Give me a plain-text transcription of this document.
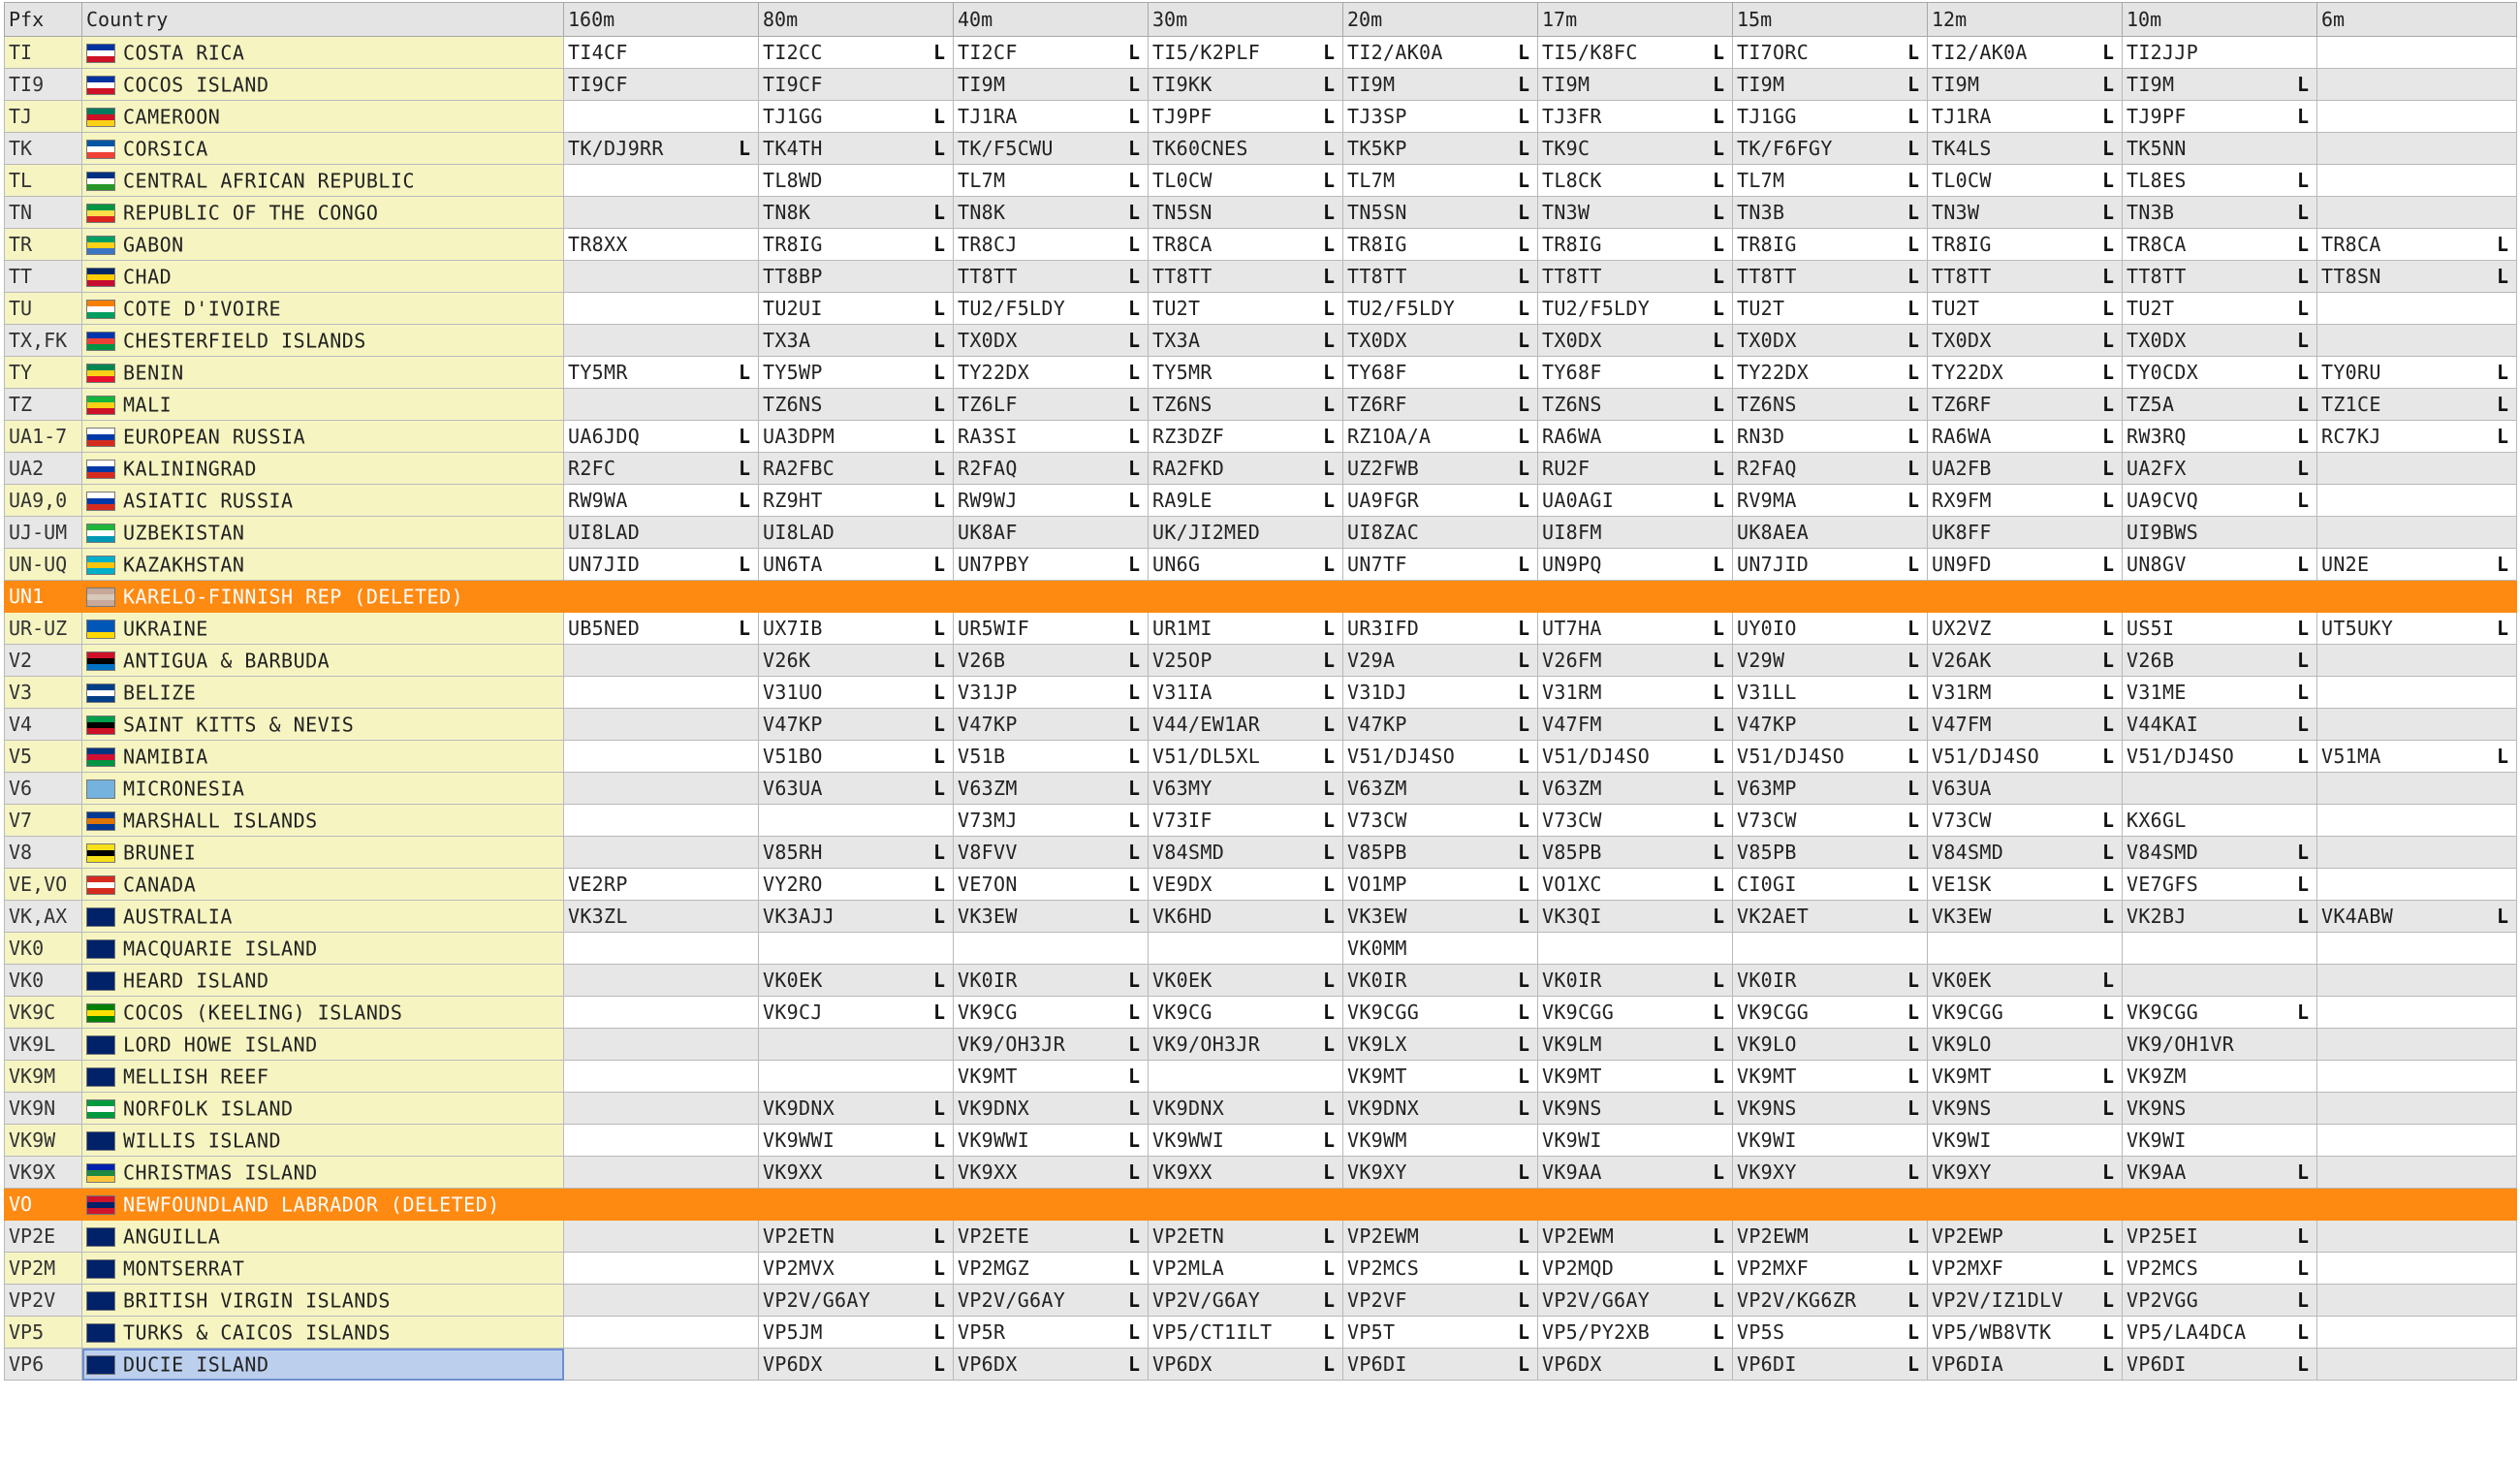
Pfx	Country	160m	80m	40m	30m	20m	17m	15m	12m	10m	6m
TI	COSTA RICA	TI4CF	TI2CC L	TI2CF L	TI5/K2PLF L	TI2/AK0A L	TI5/K8FC L	TI7ORC L	TI2/AK0A L	TI2JJP	
TI9	COCOS ISLAND	TI9CF	TI9CF	TI9M L	TI9KK L	TI9M L	TI9M L	TI9M L	TI9M L	TI9M L	

TJ	CAMEROON		TJ1GG L	TJ1RA L	TJ9PF L	TJ3SP L	TJ3FR L	TJ1GG L	TJ1RA L	TJ9PF L	

TK	CORSICA	TK/DJ9RR L	TK4TH L	TK/F5CWU L	TK60CNES L	TK5KP L	TK9C L	TK/F6FGY L	TK4LS L	TK5NN	
TL	CENTRAL AFRICAN REPUBLIC		TL8WD	TL7M L	TL0CW L	TL7M L	TL8CK L	TL7M L	TL0CW L	TL8ES L	

TN	REPUBLIC OF THE CONGO		TN8K L	TN8K L	TN5SN L	TN5SN L	TN3W L	TN3B L	TN3W L	TN3B L	

TR	GABON	TR8XX	TR8IG L	TR8CJ L	TR8CA L	TR8IG L	TR8IG L	TR8IG L	TR8IG L	TR8CA L	TR8CA L

TT	CHAD		TT8BP	TT8TT L	TT8TT L	TT8TT L	TT8TT L	TT8TT L	TT8TT L	TT8TT L	TT8SN L

TU	COTE D'IVOIRE		TU2UI L	TU2/F5LDY L	TU2T L	TU2/F5LDY L	TU2/F5LDY L	TU2T L	TU2T L	TU2T L	

TX,FK	CHESTERFIELD ISLANDS		TX3A L	TX0DX L	TX3A L	TX0DX L	TX0DX L	TX0DX L	TX0DX L	TX0DX L	

TY	BENIN	TY5MR L	TY5WP L	TY22DX L	TY5MR L	TY68F L	TY68F L	TY22DX L	TY22DX L	TY0CDX L	TY0RU L

TZ	MALI		TZ6NS L	TZ6LF L	TZ6NS L	TZ6RF L	TZ6NS L	TZ6NS L	TZ6RF L	TZ5A L	TZ1CE L

UA1-7	EUROPEAN RUSSIA	UA6JDQ L	UA3DPM L	RA3SI L	RZ3DZF L	RZ1OA/A L	RA6WA L	RN3D L	RA6WA L	RW3RQ L	RC7KJ L

UA2	KALININGRAD	R2FC L	RA2FBC L	R2FAQ L	RA2FKD L	UZ2FWB L	RU2F L	R2FAQ L	UA2FB L	UA2FX L	

UA9,0	ASIATIC RUSSIA	RW9WA L	RZ9HT L	RW9WJ L	RA9LE L	UA9FGR L	UA0AGI L	RV9MA L	RX9FM L	UA9CVQ L	

UJ-UM	UZBEKISTAN	UI8LAD	UI8LAD	UK8AF	UK/JI2MED	UI8ZAC	UI8FM	UK8AEA	UK8FF	UI9BWS	
UN-UQ	KAZAKHSTAN	UN7JID L	UN6TA L	UN7PBY L	UN6G L	UN7TF L	UN9PQ L	UN7JID L	UN9FD L	UN8GV L	UN2E L

UN1	KARELO-FINNISH REP (DELETED)										
UR-UZ	UKRAINE	UB5NED L	UX7IB L	UR5WIF L	UR1MI L	UR3IFD L	UT7HA L	UY0IO L	UX2VZ L	US5I L	UT5UKY L

V2	ANTIGUA & BARBUDA		V26K L	V26B L	V25OP L	V29A L	V26FM L	V29W L	V26AK L	V26B L	

V3	BELIZE		V31UO L	V31JP L	V31IA L	V31DJ L	V31RM L	V31LL L	V31RM L	V31ME L	

V4	SAINT KITTS & NEVIS		V47KP L	V47KP L	V44/EW1AR L	V47KP L	V47FM L	V47KP L	V47FM L	V44KAI L	

V5	NAMIBIA		V51BO L	V51B L	V51/DL5XL L	V51/DJ4SO L	V51/DJ4SO L	V51/DJ4SO L	V51/DJ4SO L	V51/DJ4SO L	V51MA L

V6	MICRONESIA		V63UA L	V63ZM L	V63MY L	V63ZM L	V63ZM L	V63MP L	V63UA		
V7	MARSHALL ISLANDS			V73MJ L	V73IF L	V73CW L	V73CW L	V73CW L	V73CW L	KX6GL	
V8	BRUNEI		V85RH L	V8FVV L	V84SMD L	V85PB L	V85PB L	V85PB L	V84SMD L	V84SMD L	

VE,VO	CANADA	VE2RP	VY2RO L	VE7ON L	VE9DX L	VO1MP L	VO1XC L	CI0GI L	VE1SK L	VE7GFS L	

VK,AX	AUSTRALIA	VK3ZL	VK3AJJ L	VK3EW L	VK6HD L	VK3EW L	VK3QI L	VK2AET L	VK3EW L	VK2BJ L	VK4ABW L

VK0	MACQUARIE ISLAND					VK0MM					
VK0	HEARD ISLAND		VK0EK L	VK0IR L	VK0EK L	VK0IR L	VK0IR L	VK0IR L	VK0EK L		

VK9C	COCOS (KEELING) ISLANDS		VK9CJ L	VK9CG L	VK9CG L	VK9CGG L	VK9CGG L	VK9CGG L	VK9CGG L	VK9CGG L	

VK9L	LORD HOWE ISLAND			VK9/OH3JR L	VK9/OH3JR L	VK9LX L	VK9LM L	VK9LO L	VK9LO	VK9/OH1VR	
VK9M	MELLISH REEF			VK9MT L		VK9MT L	VK9MT L	VK9MT L	VK9MT L	VK9ZM	
VK9N	NORFOLK ISLAND		VK9DNX L	VK9DNX L	VK9DNX L	VK9DNX L	VK9NS L	VK9NS L	VK9NS L	VK9NS	
VK9W	WILLIS ISLAND		VK9WWI L	VK9WWI L	VK9WWI L	VK9WM	VK9WI	VK9WI	VK9WI	VK9WI	
VK9X	CHRISTMAS ISLAND		VK9XX L	VK9XX L	VK9XX L	VK9XY L	VK9AA L	VK9XY L	VK9XY L	VK9AA L	

VO	NEWFOUNDLAND LABRADOR (DELETED)										
VP2E	ANGUILLA		VP2ETN L	VP2ETE L	VP2ETN L	VP2EWM L	VP2EWM L	VP2EWM L	VP2EWP L	VP25EI L	

VP2M	MONTSERRAT		VP2MVX L	VP2MGZ L	VP2MLA L	VP2MCS L	VP2MQD L	VP2MXF L	VP2MXF L	VP2MCS L	

VP2V	BRITISH VIRGIN ISLANDS		VP2V/G6AY L	VP2V/G6AY L	VP2V/G6AY L	VP2VF L	VP2V/G6AY L	VP2V/KG6ZR L	VP2V/IZ1DLV L	VP2VGG L	

VP5	TURKS & CAICOS ISLANDS		VP5JM L	VP5R L	VP5/CT1ILT L	VP5T L	VP5/PY2XB L	VP5S L	VP5/WB8VTK L	VP5/LA4DCA L	

VP6	DUCIE ISLAND		VP6DX L	VP6DX L	VP6DX L	VP6DI L	VP6DX L	VP6DI L	VP6DIA L	VP6DI L	
